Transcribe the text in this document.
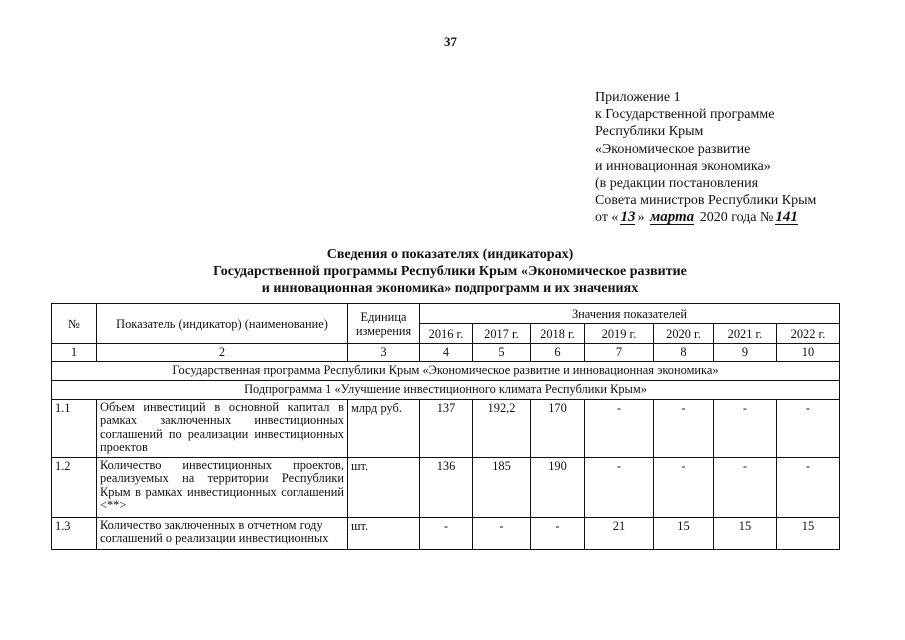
37
Приложение 1
к Государственной программе
Республики Крым
«Экономическое развитие
и инновационная экономика»
(в редакции постановления
Совета министров Республики Крым
от « 13 » марта 2020 года № 141
Сведения о показателях (индикаторах)
Государственной программы Республики Крым «Экономическое развитие
и инновационная экономика» подпрограмм и их значениях
№	Показатель (индикатор) (наименование)	Единица измерения	Значения показателей						
			2016 г.	2017 г.	2018 г.	2019 г.	2020 г.	2021 г.	2022 г.
1	2	3	4	5	6	7	8	9	10
Государственная программа Республики Крым «Экономическое развитие и инновационная экономика»									
Подпрограмма 1 «Улучшение инвестиционного климата Республики Крым»									
1.1	Объем инвестиций в основной капитал в рамках заключенных инвестиционных соглашений по реализации инвестиционных проектов	млрд руб.	137	192,2	170	-	-	-	-
1.2	Количество инвестиционных проектов, реализуемых на территории Республики Крым в рамках инвестиционных соглашений <**>	шт.	136	185	190	-	-	-	-
1.3	Количество заключенных в отчетном году соглашений о реализации инвестиционных	шт.	-	-	-	21	15	15	15
